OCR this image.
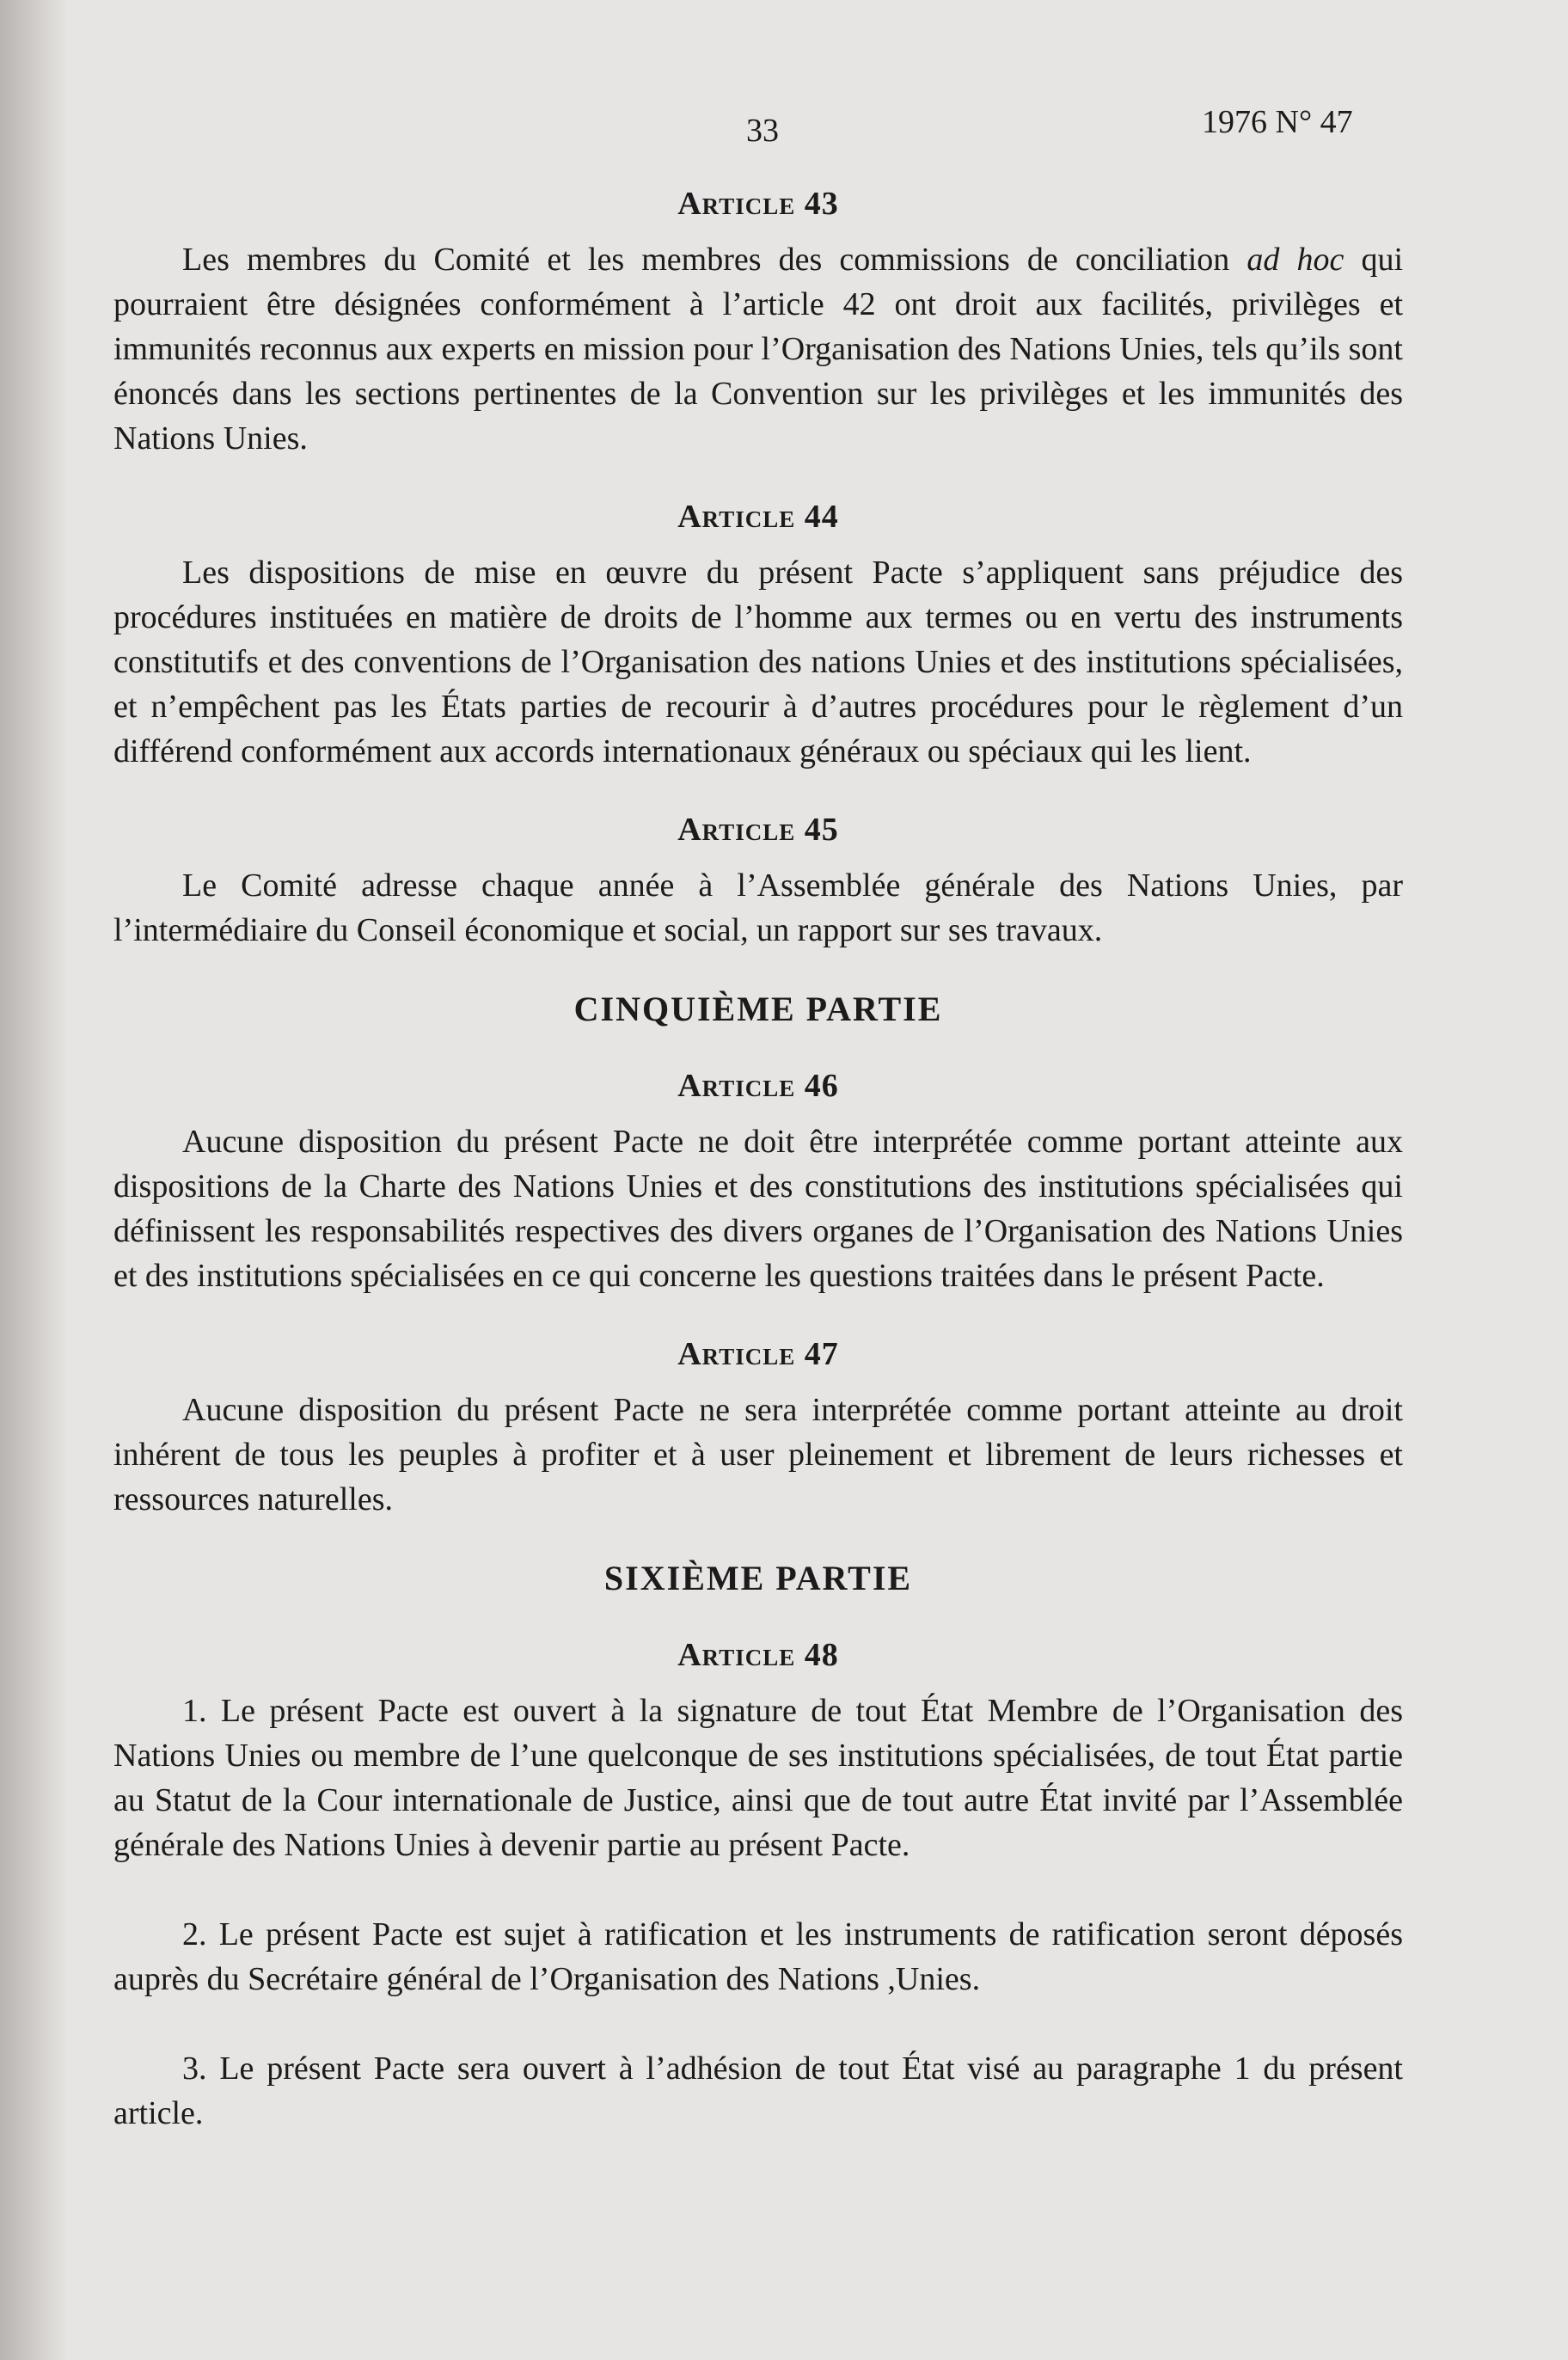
33	1976 N° 47
Article 43

Les membres du Comité et les membres des commissions de conciliation ad hoc qui pourraient être désignées conformément à l’article 42 ont droit aux facilités, privilèges et immunités reconnus aux experts en mission pour l’Organisation des Nations Unies, tels qu’ils sont énoncés dans les sections pertinentes de la Convention sur les privilèges et les immunités des Nations Unies.

Article 44

Les dispositions de mise en œuvre du présent Pacte s’appliquent sans préjudice des procédures instituées en matière de droits de l’homme aux termes ou en vertu des instruments constitutifs et des conventions de l’Organisation des nations Unies et des institutions spécialisées, et n’empêchent pas les États parties de recourir à d’autres procédures pour le règlement d’un différend conformément aux accords internationaux généraux ou spéciaux qui les lient.

Article 45

Le Comité adresse chaque année à l’Assemblée générale des Nations Unies, par l’intermédiaire du Conseil économique et social, un rapport sur ses travaux.

CINQUIÈME PARTIE
Article 46

Aucune disposition du présent Pacte ne doit être interprétée comme portant atteinte aux dispositions de la Charte des Nations Unies et des constitutions des institutions spécialisées qui définissent les responsabilités respectives des divers organes de l’Organisation des Nations Unies et des institutions spécialisées en ce qui concerne les questions traitées dans le présent Pacte.

Article 47

Aucune disposition du présent Pacte ne sera interprétée comme portant atteinte au droit inhérent de tous les peuples à profiter et à user pleinement et librement de leurs richesses et ressources naturelles.

SIXIÈME PARTIE
Article 48

1. Le présent Pacte est ouvert à la signature de tout État Membre de l’Organisation des Nations Unies ou membre de l’une quelconque de ses institutions spécialisées, de tout État partie au Statut de la Cour internationale de Justice, ainsi que de tout autre État invité par l’Assemblée générale des Nations Unies à devenir partie au présent Pacte.

2. Le présent Pacte est sujet à ratification et les instruments de ratification seront déposés auprès du Secrétaire général de l’Organisation des Nations ,Unies.

3. Le présent Pacte sera ouvert à l’adhésion de tout État visé au paragraphe 1 du présent article.
